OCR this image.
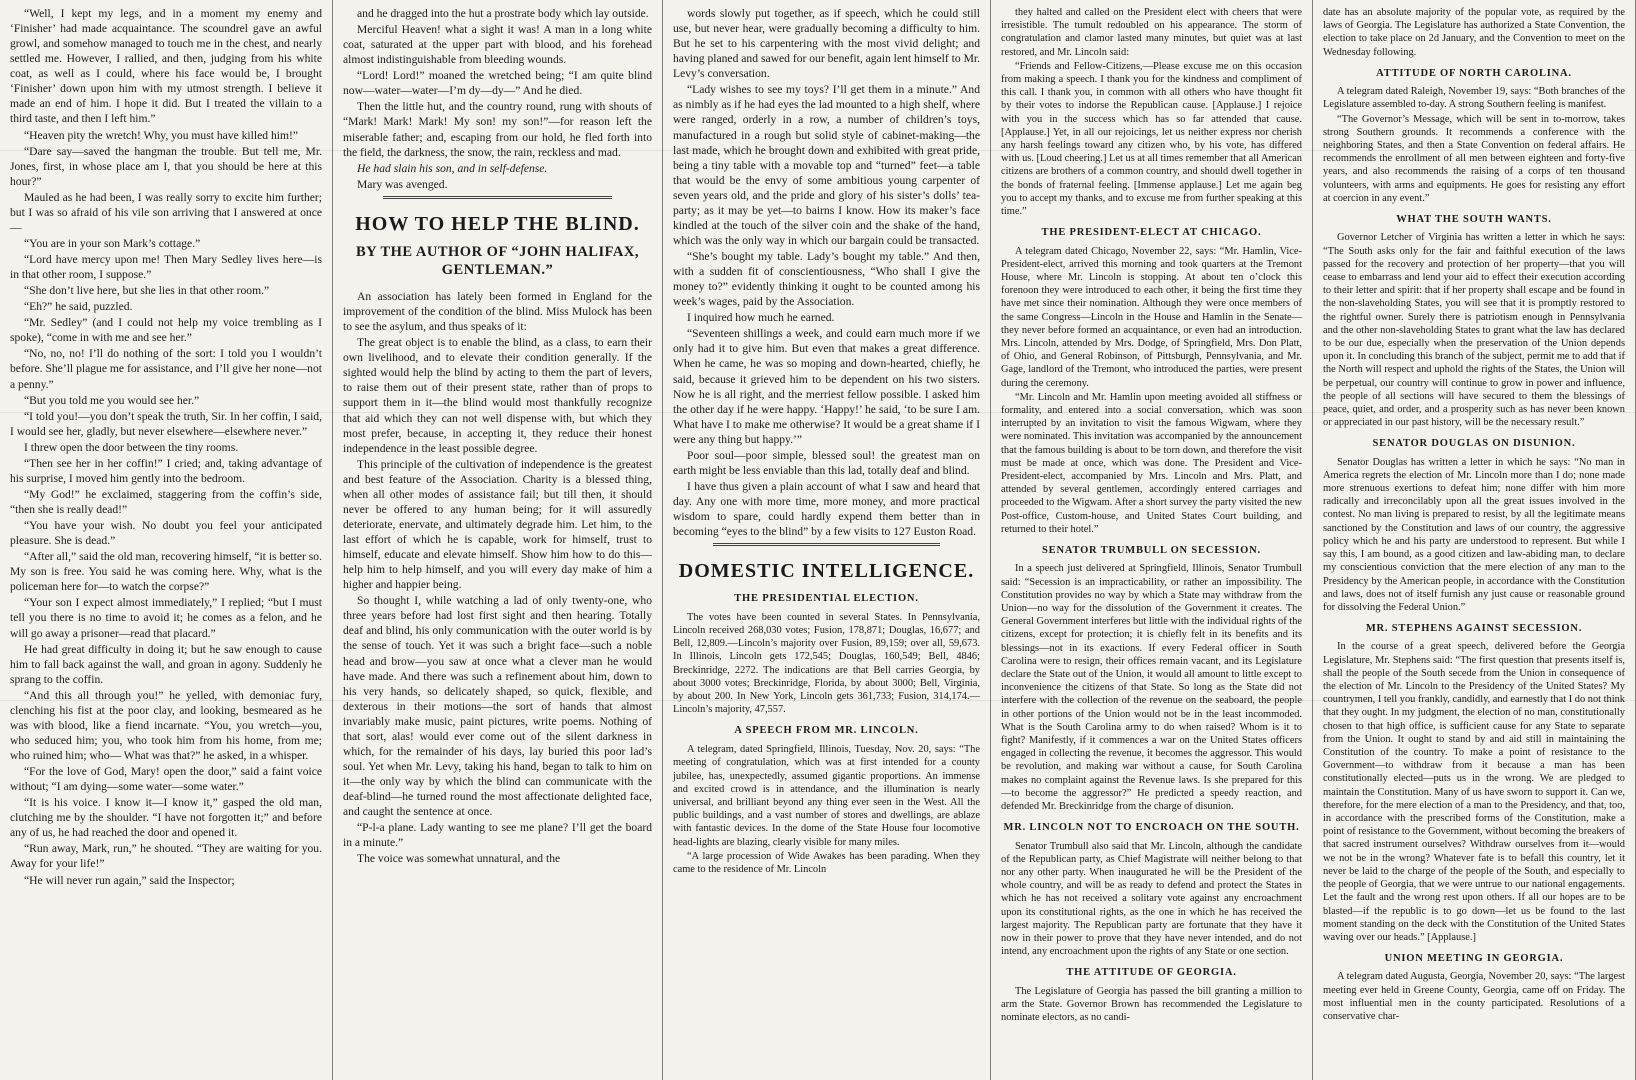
“Well, I kept my legs, and in a moment my enemy and ‘Finisher’ had made acquaintance. The scoundrel gave an awful growl, and somehow managed to touch me in the chest, and nearly settled me. However, I rallied, and then, judging from his white coat, as well as I could, where his face would be, I brought ‘Finisher’ down upon him with my utmost strength. I believe it made an end of him. I hope it did. But I treated the villain to a third taste, and then I left him.”

“Heaven pity the wretch! Why, you must have killed him!”

“Dare say—saved the hangman the trouble. But tell me, Mr. Jones, first, in whose place am I, that you should be here at this hour?”

Mauled as he had been, I was really sorry to excite him further; but I was so afraid of his vile son arriving that I answered at once—

“You are in your son Mark’s cottage.”

“Lord have mercy upon me! Then Mary Sedley lives here—is in that other room, I suppose.”

“She don’t live here, but she lies in that other room.”

“Eh?” he said, puzzled.

“Mr. Sedley” (and I could not help my voice trembling as I spoke), “come in with me and see her.”

“No, no, no! I’ll do nothing of the sort: I told you I wouldn’t before. She’ll plague me for assistance, and I’ll give her none—not a penny.”

“But you told me you would see her.”

“I told you!—you don’t speak the truth, Sir. In her coffin, I said, I would see her, gladly, but never elsewhere—elsewhere never.”

I threw open the door between the tiny rooms.

“Then see her in her coffin!” I cried; and, taking advantage of his surprise, I moved him gently into the bedroom.

“My God!” he exclaimed, staggering from the coffin’s side, “then she is really dead!”

“You have your wish. No doubt you feel your anticipated pleasure. She is dead.”

“After all,” said the old man, recovering himself, “it is better so. My son is free. You said he was coming here. Why, what is the policeman here for—to watch the corpse?”

“Your son I expect almost immediately,” I replied; “but I must tell you there is no time to avoid it; he comes as a felon, and he will go away a prisoner—read that placard.”

He had great difficulty in doing it; but he saw enough to cause him to fall back against the wall, and groan in agony. Suddenly he sprang to the coffin.

“And this all through you!” he yelled, with demoniac fury, clenching his fist at the poor clay, and looking, besmeared as he was with blood, like a fiend incarnate. “You, you wretch—you, who seduced him; you, who took him from his home, from me; who ruined him; who— What was that?” he asked, in a whisper.

“For the love of God, Mary! open the door,” said a faint voice without; “I am dying—some water—some water.”

“It is his voice. I know it—I know it,” gasped the old man, clutching me by the shoulder. “I have not forgotten it;” and before any of us, he had reached the door and opened it.

“Run away, Mark, run,” he shouted. “They are waiting for you. Away for your life!”

“He will never run again,” said the Inspector;

and he dragged into the hut a prostrate body which lay outside.

Merciful Heaven! what a sight it was! A man in a long white coat, saturated at the upper part with blood, and his forehead almost indistinguishable from bleeding wounds.

“Lord! Lord!” moaned the wretched being; “I am quite blind now—water—water—I’m dy—dy—” And he died.

Then the little hut, and the country round, rung with shouts of “Mark! Mark! Mark! My son! my son!”—for reason left the miserable father; and, escaping from our hold, he fled forth into the field, the darkness, the snow, the rain, reckless and mad.

He had slain his son, and in self-defense.

Mary was avenged.

HOW TO HELP THE BLIND.
BY THE AUTHOR OF “JOHN HALIFAX, GENTLEMAN.”

An association has lately been formed in England for the improvement of the condition of the blind. Miss Mulock has been to see the asylum, and thus speaks of it:

The great object is to enable the blind, as a class, to earn their own livelihood, and to elevate their condition generally. If the sighted would help the blind by acting to them the part of levers, to raise them out of their present state, rather than of props to support them in it—the blind would most thankfully recognize that aid which they can not well dispense with, but which they most prefer, because, in accepting it, they reduce their honest independence in the least possible degree.

This principle of the cultivation of independence is the greatest and best feature of the Association. Charity is a blessed thing, when all other modes of assistance fail; but till then, it should never be offered to any human being; for it will assuredly deteriorate, enervate, and ultimately degrade him. Let him, to the last effort of which he is capable, work for himself, trust to himself, educate and elevate himself. Show him how to do this—help him to help himself, and you will every day make of him a higher and happier being.

So thought I, while watching a lad of only twenty-one, who three years before had lost first sight and then hearing. Totally deaf and blind, his only communication with the outer world is by the sense of touch. Yet it was such a bright face—such a noble head and brow—you saw at once what a clever man he would have made. And there was such a refinement about him, down to his very hands, so delicately shaped, so quick, flexible, and dexterous in their motions—the sort of hands that almost invariably make music, paint pictures, write poems. Nothing of that sort, alas! would ever come out of the silent darkness in which, for the remainder of his days, lay buried this poor lad’s soul. Yet when Mr. Levy, taking his hand, began to talk to him on it—the only way by which the blind can communicate with the deaf-blind—he turned round the most affectionate delighted face, and caught the sentence at once.

“P-l-a plane. Lady wanting to see me plane? I’ll get the board in a minute.”

The voice was somewhat unnatural, and the

words slowly put together, as if speech, which he could still use, but never hear, were gradually becoming a difficulty to him. But he set to his carpentering with the most vivid delight; and having planed and sawed for our benefit, again lent himself to Mr. Levy’s conversation.

“Lady wishes to see my toys? I’ll get them in a minute.” And as nimbly as if he had eyes the lad mounted to a high shelf, where were ranged, orderly in a row, a number of children’s toys, manufactured in a rough but solid style of cabinet-making—the last made, which he brought down and exhibited with great pride, being a tiny table with a movable top and “turned” feet—a table that would be the envy of some ambitious young carpenter of seven years old, and the pride and glory of his sister’s dolls’ tea-party; as it may be yet—to bairns I know. How its maker’s face kindled at the touch of the silver coin and the shake of the hand, which was the only way in which our bargain could be transacted.

“She’s bought my table. Lady’s bought my table.” And then, with a sudden fit of conscientiousness, “Who shall I give the money to?” evidently thinking it ought to be counted among his week’s wages, paid by the Association.

I inquired how much he earned.

“Seventeen shillings a week, and could earn much more if we only had it to give him. But even that makes a great difference. When he came, he was so moping and down-hearted, chiefly, he said, because it grieved him to be dependent on his two sisters. Now he is all right, and the merriest fellow possible. I asked him the other day if he were happy. ‘Happy!’ he said, ‘to be sure I am. What have I to make me otherwise? It would be a great shame if I were any thing but happy.’”

Poor soul—poor simple, blessed soul! the greatest man on earth might be less enviable than this lad, totally deaf and blind.

I have thus given a plain account of what I saw and heard that day. Any one with more time, more money, and more practical wisdom to spare, could hardly expend them better than in becoming “eyes to the blind” by a few visits to 127 Euston Road.

DOMESTIC INTELLIGENCE.
THE PRESIDENTIAL ELECTION.

The votes have been counted in several States. In Pennsylvania, Lincoln received 268,030 votes; Fusion, 178,871; Douglas, 16,677; and Bell, 12,809.—Lincoln’s majority over Fusion, 89,159; over all, 59,673. In Illinois, Lincoln gets 172,545; Douglas, 160,549; Bell, 4846; Breckinridge, 2272. The indications are that Bell carries Georgia, by about 3000 votes; Breckinridge, Florida, by about 3000; Bell, Virginia, by about 200. In New York, Lincoln gets 361,733; Fusion, 314,174.—Lincoln’s majority, 47,557.

A SPEECH FROM MR. LINCOLN.

A telegram, dated Springfield, Illinois, Tuesday, Nov. 20, says: “The meeting of congratulation, which was at first intended for a county jubilee, has, unexpectedly, assumed gigantic proportions. An immense and excited crowd is in attendance, and the illumination is nearly universal, and brilliant beyond any thing ever seen in the West. All the public buildings, and a vast number of stores and dwellings, are ablaze with fantastic devices. In the dome of the State House four locomotive head-lights are blazing, clearly visible for many miles.

“A large procession of Wide Awakes has been parading. When they came to the residence of Mr. Lincoln

they halted and called on the President elect with cheers that were irresistible. The tumult redoubled on his appearance. The storm of congratulation and clamor lasted many minutes, but quiet was at last restored, and Mr. Lincoln said:

“Friends and Fellow-Citizens,—Please excuse me on this occasion from making a speech. I thank you for the kindness and compliment of this call. I thank you, in common with all others who have thought fit by their votes to indorse the Republican cause. [Applause.] I rejoice with you in the success which has so far attended that cause. [Applause.] Yet, in all our rejoicings, let us neither express nor cherish any harsh feelings toward any citizen who, by his vote, has differed with us. [Loud cheering.] Let us at all times remember that all American citizens are brothers of a common country, and should dwell together in the bonds of fraternal feeling. [Immense applause.] Let me again beg you to accept my thanks, and to excuse me from further speaking at this time.”

THE PRESIDENT-ELECT AT CHICAGO.

A telegram dated Chicago, November 22, says: “Mr. Hamlin, Vice-President-elect, arrived this morning and took quarters at the Tremont House, where Mr. Lincoln is stopping. At about ten o’clock this forenoon they were introduced to each other, it being the first time they have met since their nomination. Although they were once members of the same Congress—Lincoln in the House and Hamlin in the Senate—they never before formed an acquaintance, or even had an introduction. Mrs. Lincoln, attended by Mrs. Dodge, of Springfield, Mrs. Don Platt, of Ohio, and General Robinson, of Pittsburgh, Pennsylvania, and Mr. Gage, landlord of the Tremont, who introduced the parties, were present during the ceremony.

“Mr. Lincoln and Mr. Hamlin upon meeting avoided all stiffness or formality, and entered into a social conversation, which was soon interrupted by an invitation to visit the famous Wigwam, where they were nominated. This invitation was accompanied by the announcement that the famous building is about to be torn down, and therefore the visit must be made at once, which was done. The President and Vice-President-elect, accompanied by Mrs. Lincoln and Mrs. Platt, and attended by several gentlemen, accordingly entered carriages and proceeded to the Wigwam. After a short survey the party visited the new Post-office, Custom-house, and United States Court building, and returned to their hotel.”

SENATOR TRUMBULL ON SECESSION.

In a speech just delivered at Springfield, Illinois, Senator Trumbull said: “Secession is an impracticability, or rather an impossibility. The Constitution provides no way by which a State may withdraw from the Union—no way for the dissolution of the Government it creates. The General Government interferes but little with the individual rights of the citizens, except for protection; it is chiefly felt in its benefits and its blessings—not in its exactions. If every Federal officer in South Carolina were to resign, their offices remain vacant, and its Legislature declare the State out of the Union, it would all amount to little except to inconvenience the citizens of that State. So long as the State did not interfere with the collection of the revenue on the seaboard, the people in other portions of the Union would not be in the least incommoded. What is the South Carolina army to do when raised? Whom is it to fight? Manifestly, if it commences a war on the United States officers engaged in collecting the revenue, it becomes the aggressor. This would be revolution, and making war without a cause, for South Carolina makes no complaint against the Revenue laws. Is she prepared for this—to become the aggressor?” He predicted a speedy reaction, and defended Mr. Breckinridge from the charge of disunion.

MR. LINCOLN NOT TO ENCROACH ON THE SOUTH.

Senator Trumbull also said that Mr. Lincoln, although the candidate of the Republican party, as Chief Magistrate will neither belong to that nor any other party. When inaugurated he will be the President of the whole country, and will be as ready to defend and protect the States in which he has not received a solitary vote against any encroachment upon its constitutional rights, as the one in which he has received the largest majority. The Republican party are fortunate that they have it now in their power to prove that they have never intended, and do not intend, any encroachment upon the rights of any State or one section.

THE ATTITUDE OF GEORGIA.

The Legislature of Georgia has passed the bill granting a million to arm the State. Governor Brown has recommended the Legislature to nominate electors, as no candi-

date has an absolute majority of the popular vote, as required by the laws of Georgia. The Legislature has authorized a State Convention, the election to take place on 2d January, and the Convention to meet on the Wednesday following.

ATTITUDE OF NORTH CAROLINA.

A telegram dated Raleigh, November 19, says: “Both branches of the Legislature assembled to-day. A strong Southern feeling is manifest.

“The Governor’s Message, which will be sent in to-morrow, takes strong Southern grounds. It recommends a conference with the neighboring States, and then a State Convention on federal affairs. He recommends the enrollment of all men between eighteen and forty-five years, and also recommends the raising of a corps of ten thousand volunteers, with arms and equipments. He goes for resisting any effort at coercion in any event.”

WHAT THE SOUTH WANTS.

Governor Letcher of Virginia has written a letter in which he says: “The South asks only for the fair and faithful execution of the laws passed for the recovery and protection of her property—that you will cease to embarrass and lend your aid to effect their execution according to their letter and spirit: that if her property shall escape and be found in the non-slaveholding States, you will see that it is promptly restored to the rightful owner. Surely there is patriotism enough in Pennsylvania and the other non-slaveholding States to grant what the law has declared to be our due, especially when the preservation of the Union depends upon it. In concluding this branch of the subject, permit me to add that if the North will respect and uphold the rights of the States, the Union will be perpetual, our country will continue to grow in power and influence, the people of all sections will have secured to them the blessings of peace, quiet, and order, and a prosperity such as has never been known or appreciated in our past history, will be the necessary result.”

SENATOR DOUGLAS ON DISUNION.

Senator Douglas has written a letter in which he says: “No man in America regrets the election of Mr. Lincoln more than I do; none made more strenuous exertions to defeat him; none differ with him more radically and irreconcilably upon all the great issues involved in the contest. No man living is prepared to resist, by all the legitimate means sanctioned by the Constitution and laws of our country, the aggressive policy which he and his party are understood to represent. But while I say this, I am bound, as a good citizen and law-abiding man, to declare my conscientious conviction that the mere election of any man to the Presidency by the American people, in accordance with the Constitution and laws, does not of itself furnish any just cause or reasonable ground for dissolving the Federal Union.”

MR. STEPHENS AGAINST SECESSION.

In the course of a great speech, delivered before the Georgia Legislature, Mr. Stephens said: “The first question that presents itself is, shall the people of the South secede from the Union in consequence of the election of Mr. Lincoln to the Presidency of the United States? My countrymen, I tell you frankly, candidly, and earnestly that I do not think that they ought. In my judgment, the election of no man, constitutionally chosen to that high office, is sufficient cause for any State to separate from the Union. It ought to stand by and aid still in maintaining the Constitution of the country. To make a point of resistance to the Government—to withdraw from it because a man has been constitutionally elected—puts us in the wrong. We are pledged to maintain the Constitution. Many of us have sworn to support it. Can we, therefore, for the mere election of a man to the Presidency, and that, too, in accordance with the prescribed forms of the Constitution, make a point of resistance to the Government, without becoming the breakers of that sacred instrument ourselves? Withdraw ourselves from it—would we not be in the wrong? Whatever fate is to befall this country, let it never be laid to the charge of the people of the South, and especially to the people of Georgia, that we were untrue to our national engagements. Let the fault and the wrong rest upon others. If all our hopes are to be blasted—if the republic is to go down—let us be found to the last moment standing on the deck with the Constitution of the United States waving over our heads.” [Applause.]

UNION MEETING IN GEORGIA.

A telegram dated Augusta, Georgia, November 20, says: “The largest meeting ever held in Greene County, Georgia, came off on Friday. The most influential men in the county participated. Resolutions of a conservative char-
